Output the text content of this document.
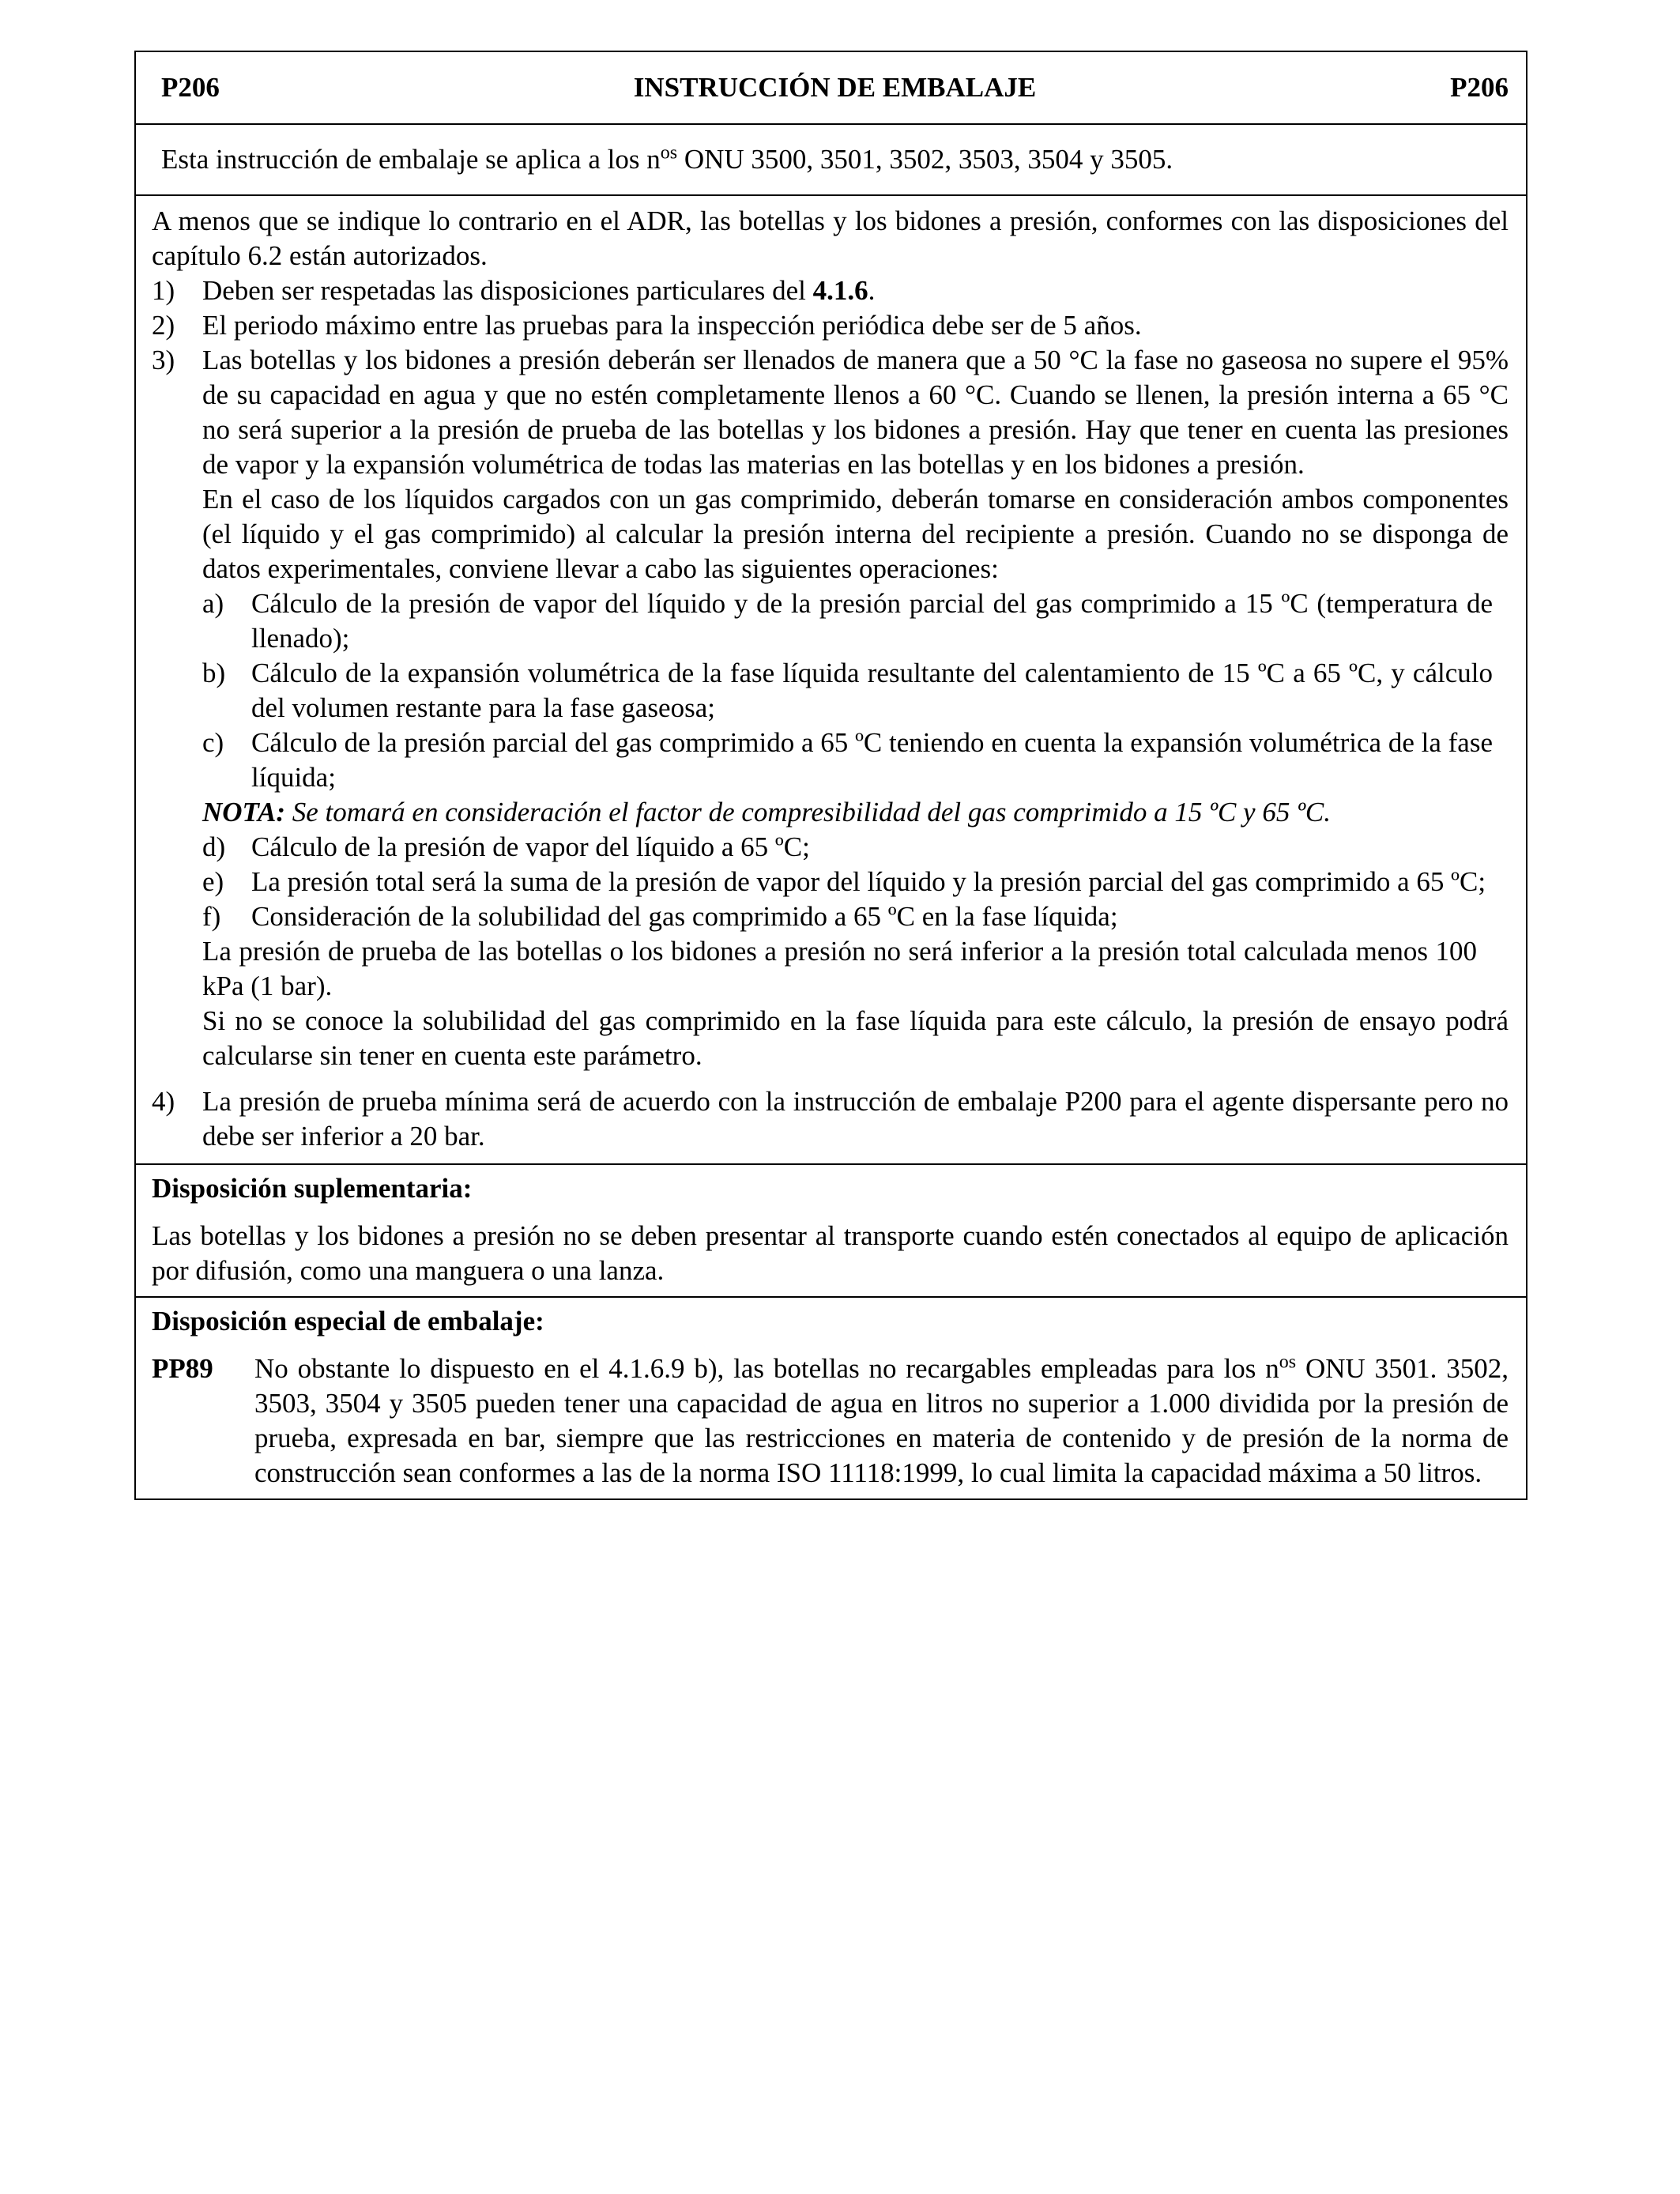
P206	INSTRUCCIÓN DE EMBALAJE	P206
Esta instrucción de embalaje se aplica a los $n^{os}$ ONU 3500, 3501, 3502, 3503, 3504 y 3505.

A menos que se indique lo contrario en el ADR, las botellas y los bidones a presión, conformes con las disposiciones del capítulo 6.2 están autorizados.

1) Deben ser respetadas las disposiciones particulares del 4.1.6.
2) El periodo máximo entre las pruebas para la inspección periódica debe ser de 5 años.
3) Las botellas y los bidones a presión deberán ser llenados de manera que a 50 °C la fase no gaseosa no supere el 95% de su capacidad en agua y que no estén completamente llenos a 60 °C. Cuando se llenen, la presión interna a 65 °C no será superior a la presión de prueba de las botellas y los bidones a presión. Hay que tener en cuenta las presiones de vapor y la expansión volumétrica de todas las materias en las botellas y en los bidones a presión.

En el caso de los líquidos cargados con un gas comprimido, deberán tomarse en consideración ambos componentes (el líquido y el gas comprimido) al calcular la presión interna del recipiente a presión. Cuando no se disponga de datos experimentales, conviene llevar a cabo las siguientes operaciones:

a) Cálculo de la presión de vapor del líquido y de la presión parcial del gas comprimido a 15 ºC (temperatura de llenado);
b) Cálculo de la expansión volumétrica de la fase líquida resultante del calentamiento de 15 ºC a 65 ºC, y cálculo del volumen restante para la fase gaseosa;
c) Cálculo de la presión parcial del gas comprimido a 65 ºC teniendo en cuenta la expansión volumétrica de la fase líquida;

NOTA: Se tomará en consideración el factor de compresibilidad del gas comprimido a 15 ºC y 65 ºC.

d) Cálculo de la presión de vapor del líquido a 65 ºC;
e) La presión total será la suma de la presión de vapor del líquido y la presión parcial del gas comprimido a 65 ºC;
f)	Consideración de la solubilidad del gas comprimido a 65 ºC en la fase líquida;

La presión de prueba de las botellas o los bidones a presión no será inferior a la presión total calculada menos 100 kPa (1 bar).

Si no se conoce la solubilidad del gas comprimido en la fase líquida para este cálculo, la presión de ensayo podrá calcularse sin tener en cuenta este parámetro.

4) La presión de prueba mínima será de acuerdo con la instrucción de embalaje P200 para el agente dispersante pero no debe ser inferior a 20 bar.

Disposición suplementaria:

Las botellas y los bidones a presión no se deben presentar al transporte cuando estén conectados al equipo de aplicación por difusión, como una manguera o una lanza.

Disposición especial de embalaje:

PP89	No obstante lo dispuesto en el 4.1.6.9 b), las botellas no recargables empleadas para los $n^{os}$ ONU 3501. 3502, 3503, 3504 y 3505 pueden tener una capacidad de agua en litros no superior a 1.000 dividida por la presión de prueba, expresada en bar, siempre que las restricciones en materia de contenido y de presión de la norma de construcción sean conformes a las de la norma ISO 11118:1999, lo cual limita la capacidad máxima a 50 litros.
